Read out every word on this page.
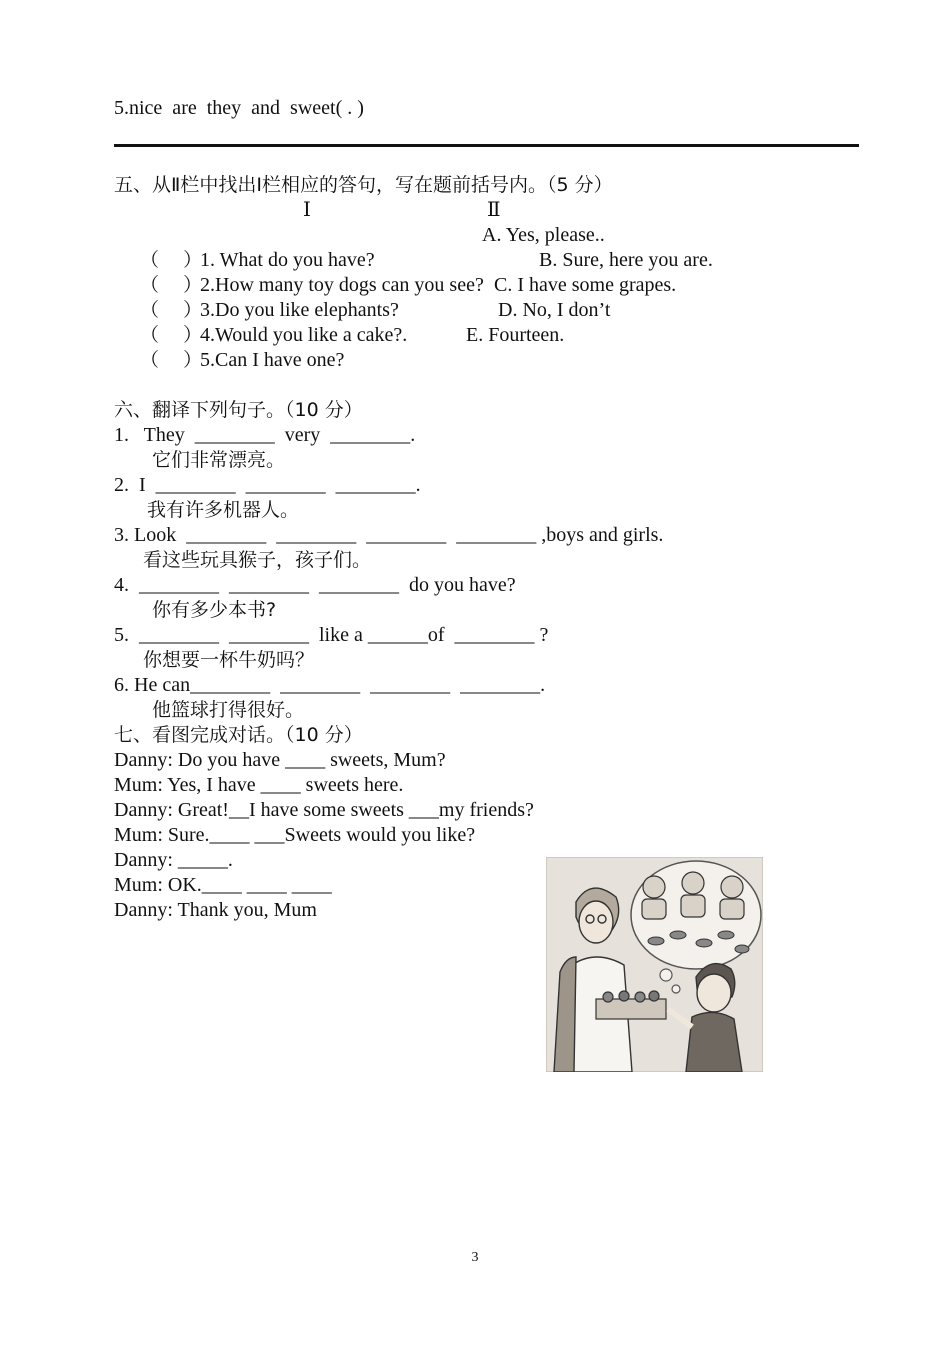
5.nice  are  they  and  sweet( . )
五、从Ⅱ栏中找出Ⅰ栏相应的答句，写在题前括号内。（5 分）
Ⅰ	Ⅱ

（    ）1. What do you have?

A. Yes, please..

（    ）2.How many toy dogs can you see?

B. Sure, here you are.

（    ）3.Do you like elephants?

C. I have some grapes.

（    ）4.Would you like a cake?.

D. No, I don’t

（    ）5.Can I have one?

E. Fourteen.

六、翻译下列句子。（10 分）
1.   They  ________  very  ________.
它们非常漂亮。
2.  I  ________  ________  ________.
我有许多机器人。
3. Look  ________  ________  ________  ________ ,boys and girls.
看这些玩具猴子，孩子们。
4.  ________  ________  ________  do you have?
你有多少本书?
5.  ________  ________  like a ______of  ________ ?
你想要一杯牛奶吗？
6. He can________  ________  ________  ________.
他篮球打得很好。
七、看图完成对话。（10 分）
Danny: Do you have ____ sweets, Mum?
Mum: Yes, I have ____ sweets here.
Danny: Great!__I have some sweets ___my friends?
Mum: Sure.____ ___Sweets would you like?
Danny: _____.
Mum: OK.____ ____ ____
Danny: Thank you, Mum
3
